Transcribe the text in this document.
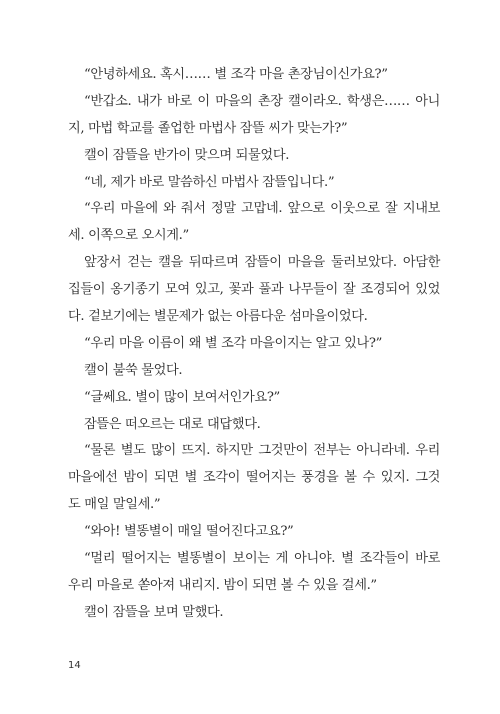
“안녕하세요. 혹시…… 별 조각 마을 촌장님이신가요?”
“반갑소. 내가 바로 이 마을의 촌장 캘이라오. 학생은…… 아니
지, 마법 학교를 졸업한 마법사 잠뜰 씨가 맞는가?”
캘이 잠뜰을 반가이 맞으며 되물었다.
“네, 제가 바로 말씀하신 마법사 잠뜰입니다.”
“우리 마을에 와 줘서 정말 고맙네. 앞으로 이웃으로 잘 지내보
세. 이쪽으로 오시게.”
앞장서 걷는 캘을 뒤따르며 잠뜰이 마을을 둘러보았다. 아담한
집들이 옹기종기 모여 있고, 꽃과 풀과 나무들이 잘 조경되어 있었
다. 겉보기에는 별문제가 없는 아름다운 섬마을이었다.
“우리 마을 이름이 왜 별 조각 마을이지는 알고 있나?”
캘이 불쑥 물었다.
“글쎄요. 별이 많이 보여서인가요?”
잠뜰은 떠오르는 대로 대답했다.
“물론 별도 많이 뜨지. 하지만 그것만이 전부는 아니라네. 우리
마을에선 밤이 되면 별 조각이 떨어지는 풍경을 볼 수 있지. 그것
도 매일 말일세.”
“와아! 별똥별이 매일 떨어진다고요?”
“멀리 떨어지는 별똥별이 보이는 게 아니야. 별 조각들이 바로
우리 마을로 쏟아져 내리지. 밤이 되면 볼 수 있을 걸세.”
캘이 잠뜰을 보며 말했다.
14
